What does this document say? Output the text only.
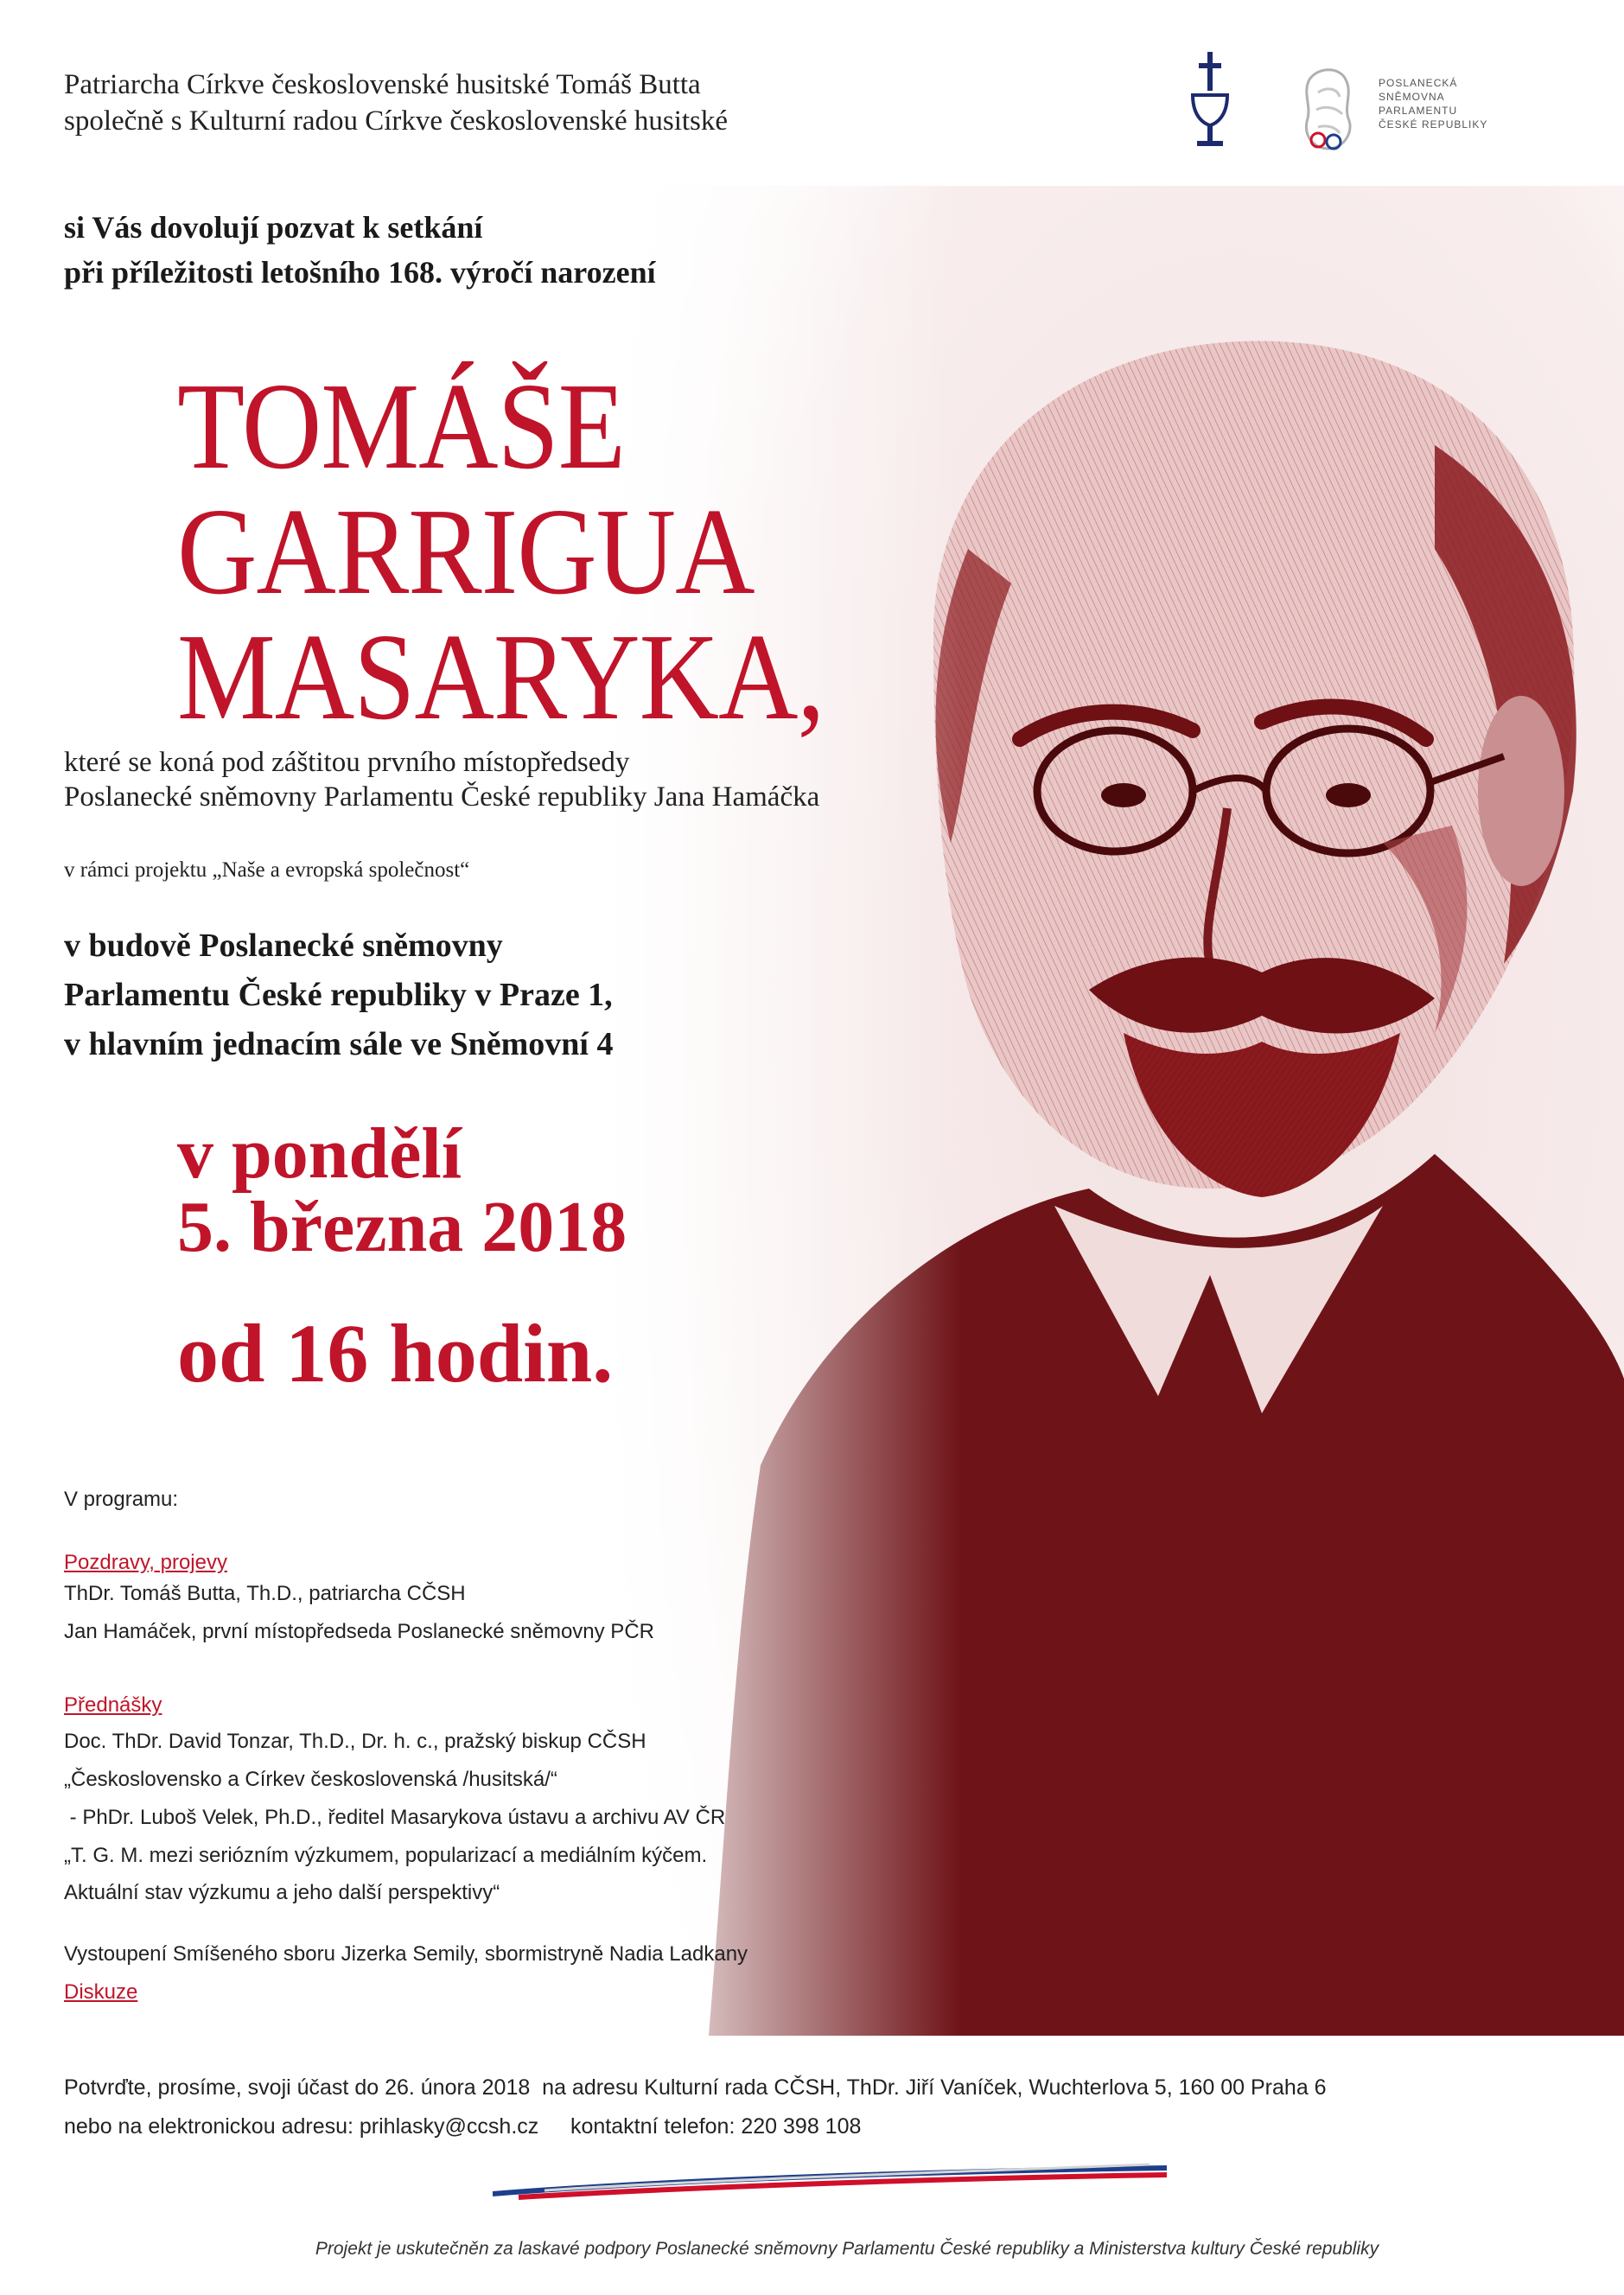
Patriarcha Církve československé husitské Tomáš Butta
společně s Kulturní radou Církve československé husitské
POSLANECKÁ
SNĚMOVNA
PARLAMENTU
ČESKÉ REPUBLIKY
si Vás dovolují pozvat k setkání
při příležitosti letošního 168. výročí narození
TOMÁŠE
GARRIGUA
MASARYKA,
které se koná pod záštitou prvního místopředsedy
Poslanecké sněmovny Parlamentu České republiky Jana Hamáčka
v rámci projektu „Naše a evropská společnost“
v budově Poslanecké sněmovny
Parlamentu České republiky v Praze 1,
v hlavním jednacím sále ve Sněmovní 4
v pondělí
5. března 2018
od 16 hodin.
V programu:
Pozdravy, projevy
ThDr. Tomáš Butta, Th.D., patriarcha CČSH
Jan Hamáček, první místopředseda Poslanecké sněmovny PČR
Přednášky
Doc. ThDr. David Tonzar, Th.D., Dr. h. c., pražský biskup CČSH
„Československo a Církev československá /husitská/“
- PhDr. Luboš Velek, Ph.D., ředitel Masarykova ústavu a archivu AV ČR
„T. G. M. mezi seriózním výzkumem, popularizací a mediálním kýčem.
Aktuální stav výzkumu a jeho další perspektivy“
Vystoupení Smíšeného sboru Jizerka Semily, sbormistryně Nadia Ladkany
Diskuze
Potvrďte, prosíme, svoji účast do 26. února 2018  na adresu Kulturní rada CČSH, ThDr. Jiří Vaníček, Wuchterlova 5, 160 00 Praha 6
nebo na elektronickou adresu: prihlasky@ccsh.cz kontaktní telefon: 220 398 108
Projekt je uskutečněn za laskavé podpory Poslanecké sněmovny Parlamentu České republiky a Ministerstva kultury České republiky
